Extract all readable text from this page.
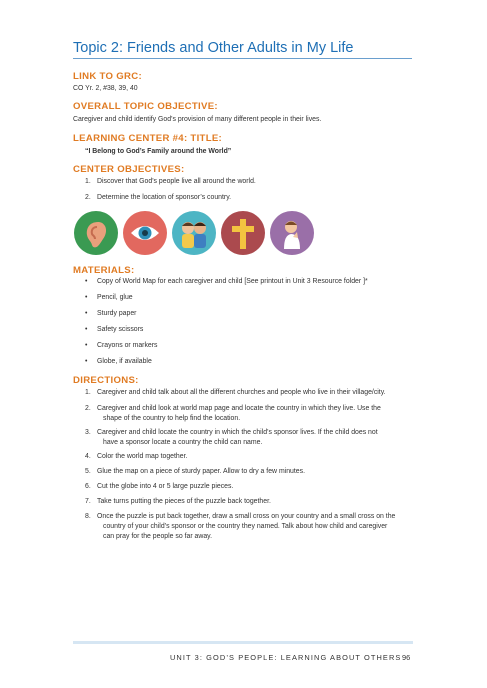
Topic 2: Friends and Other Adults in My Life
LINK TO GRC:
CO Yr. 2, #38, 39, 40
OVERALL TOPIC OBJECTIVE:
Caregiver and child identify God’s provision of many different people in their lives.
LEARNING CENTER #4: TITLE:
“I Belong to God’s Family around the World”
CENTER OBJECTIVES:
1. Discover that God’s people live all around the world.
2. Determine the location of sponsor’s country.
MATERIALS:
•	Copy of World Map for each caregiver and child [See printout in Unit 3 Resource folder ]*
•	Pencil, glue
•	Sturdy paper
•	Safety scissors
•	Crayons or markers
•	Globe, if available
DIRECTIONS:
1. Caregiver and child talk about all the different churches and people who live in their village/city.
2. Caregiver and child look at world map page and locate the country in which they live. Use the
shape of the country to help find the location.
3. Caregiver and child locate the country in which the child’s sponsor lives. If the child does not
have a sponsor locate a country the child can name.
4. Color the world map together.
5. Glue the map on a piece of sturdy paper. Allow to dry a few minutes.
6. Cut the globe into 4 or 5 large puzzle pieces.
7. Take turns putting the pieces of the puzzle back together.
8. Once the puzzle is put back together, draw a small cross on your country and a small cross on the
country of your child’s sponsor or the country they named. Talk about how child and caregiver
can pray for the people so far away.
UNIT 3: GOD’S PEOPLE: LEARNING ABOUT OTHERS 96
